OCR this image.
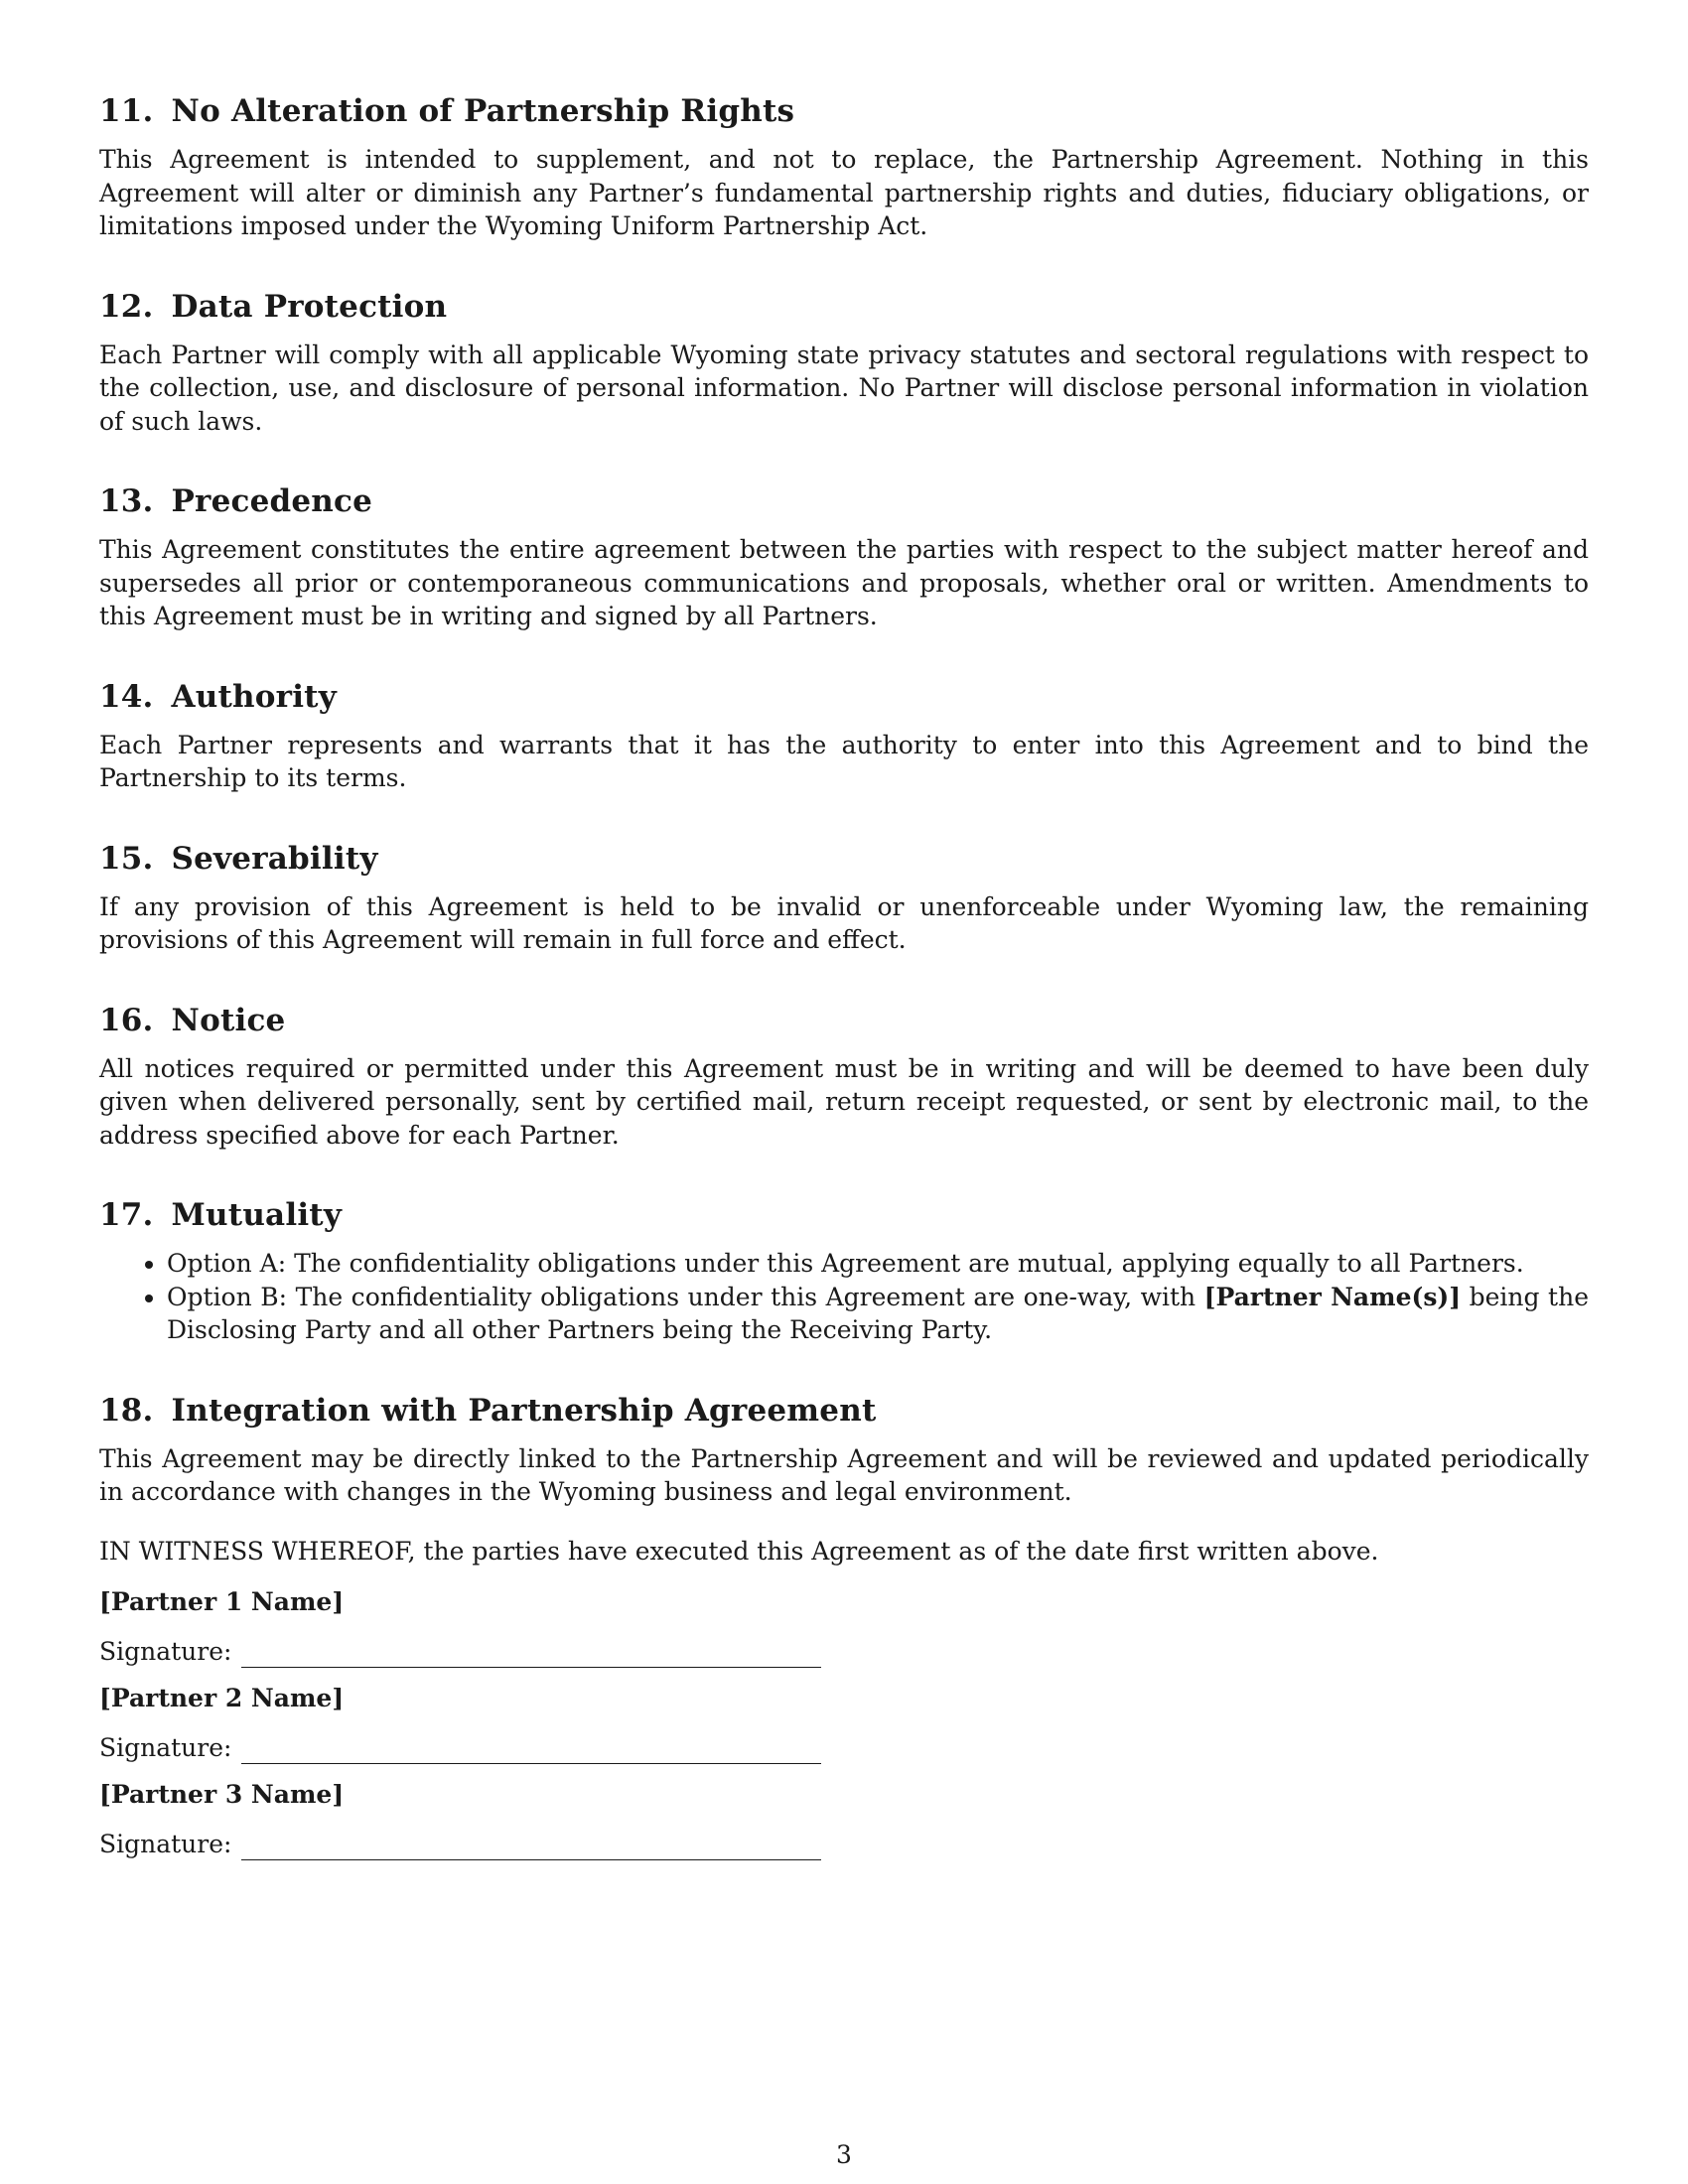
11. No Alteration of Partnership Rights

This Agreement is intended to supplement, and not to replace, the Partnership Agreement. Nothing in this Agreement will alter or diminish any Partner’s fundamental partnership rights and duties, fiduciary obligations, or limitations imposed under the Wyoming Uniform Partnership Act.

12. Data Protection

Each Partner will comply with all applicable Wyoming state privacy statutes and sectoral regulations with respect to the collection, use, and disclosure of personal information. No Partner will disclose personal information in violation of such laws.

13. Precedence

This Agreement constitutes the entire agreement between the parties with respect to the subject matter hereof and supersedes all prior or contemporaneous communications and proposals, whether oral or written. Amendments to this Agreement must be in writing and signed by all Partners.

14. Authority

Each Partner represents and warrants that it has the authority to enter into this Agreement and to bind the Partnership to its terms.

15. Severability

If any provision of this Agreement is held to be invalid or unenforceable under Wyoming law, the remaining provisions of this Agreement will remain in full force and effect.

16. Notice

All notices required or permitted under this Agreement must be in writing and will be deemed to have been duly given when delivered personally, sent by certified mail, return receipt requested, or sent by electronic mail, to the address specified above for each Partner.

17. Mutuality
• Option A: The confidentiality obligations under this Agreement are mutual, applying equally to all Partners.
• Option B: The confidentiality obligations under this Agreement are one-way, with [Partner Name(s)] being the Disclosing Party and all other Partners being the Receiving Party.
18. Integration with Partnership Agreement

This Agreement may be directly linked to the Partnership Agreement and will be reviewed and updated periodically in accordance with changes in the Wyoming business and legal environment.

IN WITNESS WHEREOF, the parties have executed this Agreement as of the date first written above.

[Partner 1 Name]
Signature:
[Partner 2 Name]
Signature:
[Partner 3 Name]
Signature:
3
